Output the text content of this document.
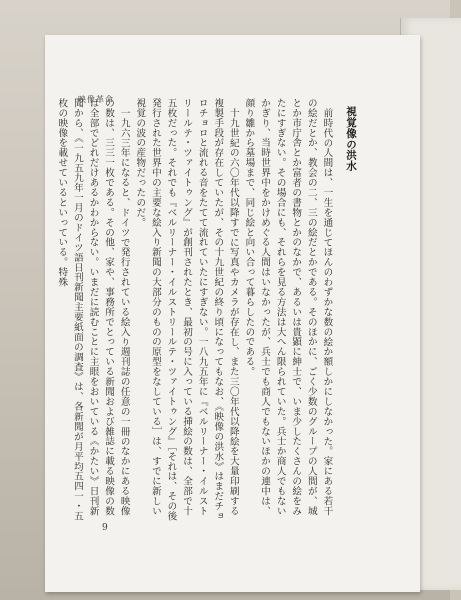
映像革命

視覚像の洪水

前時代の人間は、一生を通じてほんのわずかな数の絵か額しかにしなかった。家にある若干の絵だとか、教会の二、三の絵だとかである。そのほかに、ごく少数のグループの人間が、城とか市庁舎とか富者の書物とかのなかで、あるいは貴顕に紳士で、いま少したくさんの絵をみたにすぎない。その場合にも、それらを見る方法は大へん限られていた。兵士か商人でもないかぎり、当時世界中をかけめぐる人間はいなかったが、兵士でも商人でもないほかの連中は、顔り雛から墓場まで、同じ絵と向い合って暮らしたのである。

十九世紀の六〇年代以降すでに写真やカメラが存在し、また三〇年代以降絵を大量印刷する複製手段が存在していたが、その十九世紀の終り頃になってもなお、《映像の洪水》はまだチョロチョロと流れる音をたてて流れていたにすぎない。一八九五年に『ベルリーナー・イルストリールテ・ツァイトゥング』が創刊されたとき、最初の号に入っている挿絵の数は、全部で十五枚だった。それでも『ベルリーナー・イルストリールテ・ツァイトゥング』［それは、その後発行された世界中の主要な絵入り新聞の大部分のものの原型をなしている］は、すでに新しい視覚の波の産物だったのだ。

一九六三年になると、ドイツで発行されている絵入り週刊誌の任意の一冊のなかにある映像の数は、三三一枚である。その他、家や、事務所でとっている新聞および雑誌に載る映像の数は全部でどれだけあるかわからない。いまだに読むことに主眼をおいている《かたい》日刊新聞から、《一九五九年一月のドイツ語日刊新聞主要紙面の調査》は、各新聞が月平均五四一・五枚の映像を載せているといっている。特殊

9
